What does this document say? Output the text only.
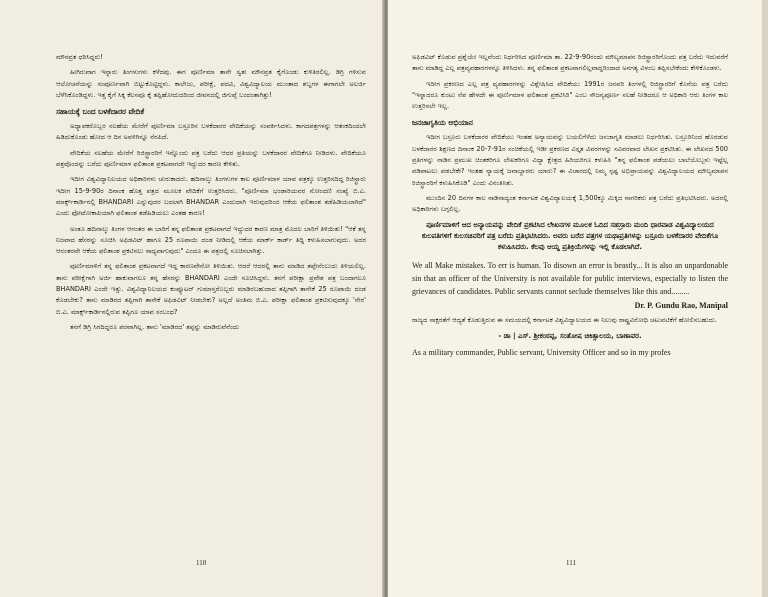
ಮೌನವ್ರತ ಧರಿಸಿದ್ದರು!

ಹೀಗಿರುವಾಗ ಇನ್ನಾರು ತಿಂಗಳುಗಳು ಕಳೆದವು. ಈಗ ಪೂರ್ಣಿಮಾ ತಾನೇ ಸ್ವತಃ ಮೌನವ್ರತ ಕೈಗೊಂಡು ಕುಳಿತಿರಲಿಲ್ಲ. ಡಿಗ್ರಿ ಗಳಿಸುವ ಆಲೋಚನೆಯನ್ನು ಸಂಪೂರ್ಣವಾಗಿ ಬಿಟ್ಟುಕೊಟ್ಟಿದ್ದಳು. ಕಾಲೇಜು, ಪರೀಕ್ಷೆ, ಪದವಿ, ವಿಶ್ವವಿದ್ಯಾಲಯ ಮುಂತಾದ ಶಬ್ದಗಳ ಈಗಾಗಲೇ ಅಲರ್ಜಿ ಬೆಳೆಸಿಕೊಂಡಿದ್ದಳು. ಇತ್ತ ಕೈಗೆ ಸಿಕ್ಕ ಕೆಲಸವೂ ಕೈ ತಪ್ಪಿಹೋದುದರಿಂದ ಜೀವನದಲ್ಲಿ ಜಿಗುಪ್ಸೆ ಬಂದಂತಾಗಿತ್ತು!

ಸಹಾಯಕ್ಕೆ ಬಂದ ಬಳಕೆದಾರರ ವೇದಿಕೆ

ಅಧ್ಯಾಪಕರೊಬ್ಬರ ಸಲಹೆಯ ಮೇರೆಗೆ ಪೂರ್ಣಿಮಾ ಬಸ್ರೂರಿನ ಬಳಕೆದಾರರ ವೇದಿಕೆಯನ್ನು ಸಂಪರ್ಕಿಸಿದಳು. ಕಾಗದಪತ್ರಗಳನ್ನು ಆತಂಕದಿಂದಲೇ ಹಿಡಿದುಕೊಂಡು ಹೋದ ಆ ದಿನ ಅವಳಿಗಿನ್ನೂ ನೆನಪಿದೆ.

ವೇದಿಕೆಯ ಸಲಹೆಯ ಮೇರೆಗೆ ರಿಜಿಸ್ಟ್ರಾರರಿಗೆ ಇನ್ನೊಂದು ಪತ್ರ ಬರೆದು ಆದರ ಪ್ರತಿಯನ್ನು ಬಳಕೆದಾರರ ವೇದಿಕೆಗೂ ನೀಡಿದಳು. ವೇದಿಕೆಯೂ ಪತ್ರವೊಂದನ್ನು ಬರೆದು ಪೂರ್ಣಿಮಾಳ ಫಲಿತಾಂಶ ಪ್ರಕಟವಾಗದೇ ಇದ್ದುದರ ಕಾರಣ ಕೇಳಿತು.

ಇದೀಗ ವಿಶ್ವವಿದ್ಯಾನಿಲಯದ ಅಧಿಕಾರಿಗಳು ಚುರುಕಾದರು. ಹದಿನಾಲ್ಕು ತಿಂಗಳುಗಳ ಕಾಲ ಪೂರ್ಣಿಮಾಳ ಯಾವ ಪತ್ರಕ್ಕೂ ಉತ್ತರಿಸದಿದ್ದ ರಿಜಿಸ್ಟ್ರಾರು ಇದೀಗ 15-9-90ರ ದಿನಾಂಕ ಹೊತ್ತ ಪತ್ರದ ಮೂಲಕ ವೇದಿಕೆಗೆ ಉತ್ತರಿಸಿದರು. "ಪೂರ್ಣಿಮಾ ಭಂಡಾರಿಯವರ ನೋಂದಣಿ ಸಂಖ್ಯೆ ಬಿ.ಎ. ಮಾರ್ಕ್ಸ್‌ಕಾರ್ಡಿನಲ್ಲಿ BHANDARI ಎನ್ನುವುದರ ಬದಲಾಗಿ BHANDAR ಎಂದುದಾಗಿ ಇರುವುದರಿಂದ ಆಕೆಯ ಫಲಿತಾಂಶ ತಡೆಹಿಡಿಯಲಾಗಿದೆ" ಎಂದು ಫೋಟೋಕಾಪಿಯಾಗಿ ಫಲಿತಾಂಶ ತಡೆಹಿಡಿಯಲು ಎಂತಹ ಕಾರಣ!

ಅಂತೂ ಹದಿನಾಲ್ಕು ತಿಂಗಳ ಆನಂತರ ಈ ಬಾರಿಗೆ ತನ್ನ ಫಲಿತಾಂಶ ಪ್ರಕಟವಾಗದೆ ಇದ್ದುದರ ಕಾರಣ ಮಾತ್ರ ಮೊದಲ ಬಾರಿಗೆ ತಿಳಿಯಿತು! "ಆಕೆ ತನ್ನ ನಿಜವಾದ ಹೆಸರನ್ನು ಸೂಚಿಸಿ ಅಫಿಡವಿಟ್ ಹಾಗೂ 25 ರೂಪಾಯಿ ದಂಡ ನೀಡಿದಲ್ಲಿ ಆಕೆಯ ಮಾರ್ಕ್ ಕಾರ್ಡ್ ತಿದ್ದಿ ಕಳುಹಿಸಲಾಗುವುದು. ಅದರ ಆನಂತರವೇ ಆಕೆಯ ಫಲಿತಾಂಶ ಪ್ರಕಟಿಸಲು ಸಾಧ್ಯವಾಗುವುದು" ಎಂದೂ ಈ ಪತ್ರದಲ್ಲಿ ಸೂಚಿಸಲಾಗಿತ್ತು.

ಪೂರ್ಣಿಮಾಳಿಗೆ ತನ್ನ ಫಲಿತಾಂಶ ಪ್ರಕಟವಾಗದೆ ಇದ್ದ ಕಾರಣವೇನೋ ತಿಳಿಯಿತು. ಆದರೆ ಆದರಲ್ಲಿ ತಾನು ಮಾಡಿದ ತಪ್ಪೇನೆಂಬುದು ತಿಳಿಯಲಿಲ್ಲ. ತಾನು ಪರೀಕ್ಷೆಗಾಗಿ ಅರ್ಜಿ ಹಾಕುವಾಗಲೂ ತನ್ನ ಹೆಸರನ್ನು BHANDARI ಎಂದೇ ಸೂಚಿಸಿದ್ದಳು. ತನಗೆ ಪರೀಕ್ಷಾ ಪ್ರವೇಶ ಪತ್ರ ಬಂದಾಗಲೂ BHANDARI ಎಂದೇ ಇತ್ತು. ವಿಶ್ವವಿದ್ಯಾನಿಲಯದ ಕಂಪ್ಯೂಟರ್ ಗುಮಾಸ್ತರೊಬ್ಬರು ಮಾಡಿರಬಹುದಾದ ತಪ್ಪಿಗಾಗಿ ತಾನೇಕೆ 25 ರೂಪಾಯಿ ದಂಡ ಕೊಡಬೇಕು? ತಾನು ಮಾಡಿರದ ತಪ್ಪಿಗಾಗಿ ತಾನೇಕೆ ಅಫಿಡವಿಟ್ ನೀಡಬೇಕು? ಅಲ್ಲದೆ ಅಂತಿಮ ಬಿ.ಎ. ಪರೀಕ್ಷಾ ಫಲಿತಾಂಶ ಪ್ರಕಟಿಸುವುದಕ್ಕೂ 'ನೇರ' ಬಿ.ಎ. ಮಾರ್ಕ್ಸ್‌ಕಾರ್ಡಿನಲ್ಲಿರುವ ತಪ್ಪಿಗೂ ಯಾವ ಸಂಬಂಧ?

ತನಗೆ ಡಿಗ್ರಿ ಸಿಗದಿದ್ದರೂ ಪರವಾಗಿಲ್ಲ. ತಾನು 'ಮಾಡಿರದ' ತಪ್ಪನ್ನು ಮಾಡಿರುವೆನೆಂದು

110

ಅಫಿಡವಿಟ್ ಕೊಡುವ ಪ್ರಶ್ನೆಯೇ ಇಲ್ಲವೆಂದು ನಿರ್ಧರಿಸಿದ ಪೂರ್ಣಿಮಾ ತಾ. 22-9-90ರಂದು ಮೌಲ್ಯಮಾಪನ ರಿಜಿಸ್ಟ್ರಾರರಿಗೊಂದು ಪತ್ರ ಬರೆದು ಇದುವರೆಗೆ ತಾನು ಮಾಡಿದ್ದ ಎಲ್ಲ ಪತ್ರವ್ಯವಹಾರಗಳನ್ನೂ ತಿಳಿಸಿದಳು. ತನ್ನ ಫಲಿತಾಂಶ ಪ್ರಕಟವಾಗಲಿಲ್ಲವಾದ್ದರಿಂದಾದ ಅನಗತ್ಯ ವಿಳಂಬ ತಪ್ಪಿಸಬೇಕೆಂದು ಕೇಳಿಕೊಂಡಳು.

ಇದೀಗ ಪ್ರಕರಣದ ಎಲ್ಲ ಪತ್ರ ವ್ಯವಹಾರಗಳನ್ನು ವಿಶ್ಲೇಷಿಸಿದ ವೇದಿಕೆಯು 1991ರ ಜನವರಿ ತಿಂಗಳಲ್ಲಿ ರಿಜಿಸ್ಟ್ರಾರರಿಗೆ ಕೊನೆಯ ಪತ್ರ ಬರೆದು "ಇನ್ನಾದರೂ ಕುಂಟು ನೆಪ ಹೇಳದೇ ಈ ಪೂರ್ಣಿಮಾಳ ಫಲಿತಾಂಶ ಪ್ರಕಟಿಸಿರಿ" ಎಂಬ ಸೌಜನ್ಯಪೂರ್ಣ ಸಲಹೆ ನೀಡಿದರೂ ಆ ಅಧಿಕಾರಿ ಆರು ತಿಂಗಳ ಕಾಲ ಉತ್ತರಿಸಲೇ ಇಲ್ಲ.

ಜನಜಾಗೃತಿಯ ಅಭಿಯಾನ

ಇದೀಗ ಬಸ್ರೂರು ಬಳಕೆದಾರರ ವೇದಿಕೆಯು ಇಂತಹ ಅನ್ಯಾಯವನ್ನು ಬಯಲಿಗೆಳೆದು ಜನಜಾಗೃತಿ ಮಾಡಲು ನಿರ್ಧರಿಸಿತು. ಬಸ್ರೂರಿನಿಂದ ಹೊರಡುವ ಬಳಕೆದಾರರ ಶಿಕ್ಷಣದ ದಿನಾಂಕ 20-7-91ರ ಸಂಚಿಕೆಯಲ್ಲಿ ಇಡೀ ಪ್ರಕರಣದ ವಿಸ್ತೃತ ವಿವರಗಳನ್ನು ಸವಿವರವಾದ ಲೇಖನ ಪ್ರಕಟಿಸಿತು. ಈ ಲೇಖನದ 500 ಪ್ರತಿಗಳನ್ನು ನಾಡಿನ ಪ್ರಮುಖ ಚಿಂತಕರಿಗೂ ಲೇಖಕರಿಗೂ ವಿದ್ಯಾ ಕ್ಷೇತ್ರದ ಹಿರಿಯರಿಗೂ ಕಳುಹಿಸಿ "ತನ್ನ ಫಲಿತಾಂಶ ಪಡೆಯಲು ಬಾಲೆಯೊಬ್ಬಳು ಇಷ್ಟೆಲ್ಲ ಪಡಿಪಾಟಲು ಪಡಬೇಕೇ? ಇಂತಹ ನ್ಯಾಯಕ್ಕೆ ಜವಾಬ್ದಾರರು ಯಾರು? ಈ ವಿಚಾರದಲ್ಲಿ ನಿಮ್ಮ ಸ್ಪಷ್ಟ ಅಭಿಪ್ರಾಯವನ್ನು ವಿಶ್ವವಿದ್ಯಾಲಯದ ಮೌಲ್ಯಮಾಪನ ರಿಜಿಸ್ಟ್ರಾರರಿಗೆ ಕಳುಹಿಸಿಕೊಡಿ" ಎಂದು ವಿನಂತಿಸಿತು.

ಮುಂದಿನ 20 ದಿನಗಳ ಕಾಲ ನಾಡಿನಾದ್ಯಂತ ಕರ್ನಾಟಕ ವಿಶ್ವವಿದ್ಯಾಲಯಕ್ಕೆ 1,500ಕ್ಕೂ ಮಿಕ್ಕಿದ ನಾಗರಿಕರು ಪತ್ರ ಬರೆದು ಪ್ರತಿಭಟಿಸಿದರು. ಅದರಲ್ಲಿ ಅಧಿಕಾರಿಗಳು ಬಗ್ಗಲಿಲ್ಲ.

ಪೂರ್ಣಿಮಾಳಿಗೆ ಆದ ಅನ್ಯಾಯವನ್ನು ವೇದಿಕೆ ಪ್ರಕಟಿಸಿದ ಲೇಖನಗಳ ಮೂಲಕ ಓದಿದ ಸಹಸ್ರಾರು ಮಂದಿ ಧಾರವಾಡ ವಿಶ್ವವಿದ್ಯಾಲಯದ ಕುಲಪತಿಗಳಿಗೆ ಕುಲಸಚಿವರಿಗೆ ಪತ್ರ ಬರೆದು ಪ್ರತಿಭಟಿಸಿದರು. ಅವರು ಬರೆದ ಪತ್ರಗಳ ಯಥಾಪ್ರತಿಗಳನ್ನು ಬಸ್ರೂರು ಬಳಕೆದಾರರ ವೇದಿಕೆಗೂ ಕಳುಹಿಸಿದರು. ಕೆಲವು ಆಯ್ದ ಪ್ರತಿಕ್ರಿಯೆಗಳನ್ನು ಇಲ್ಲಿ ಕೊಡಲಾಗಿದೆ.

We all Make mistakes. To err is human. To disown an error is beastly... It is also an unpardonable sin that an officer of the University is not available for public interviews, especially to listen the grievances of candidates. Public servants cannot seclude themselves like this and.........
Dr. P. Gundu Rao, Manipal

ರಾಜ್ಯದ ಸಾಕ್ಷರತೆಗೆ ಆದ್ಯತೆ ಕೊಡುತ್ತಿರುವ ಈ ಸಮಯದಲ್ಲಿ ಕರ್ನಾಟಕ ವಿಶ್ವವಿದ್ಯಾಲಯದ ಈ ನಿಲುವು ರಾಷ್ಟ್ರವಿರೋಧಿ ಚಟುವಟಿಕೆಗೆ ಹೋಲಿಸಬಹುದು.

- ಡಾ | ಎಸ್. ಶ್ರೀಕಂಠಪ್ಪ, ಸಂತೋಷ ಚಿಕಿತ್ಸಾಲಯ, ಬಾಣಾವರ.

As a military commander, Public servant, University Officer and so in my profes
111
